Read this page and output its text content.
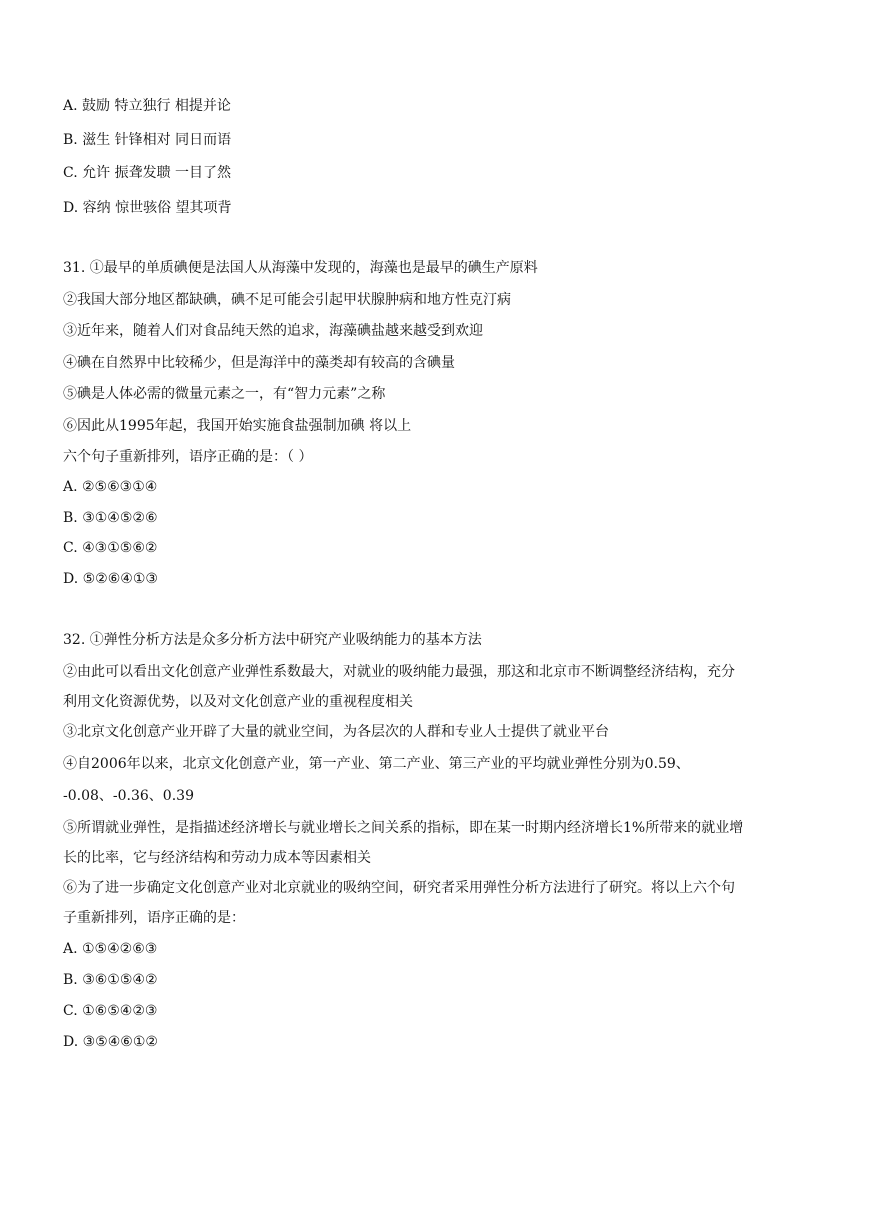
A. 鼓励 特立独行 相提并论
B. 滋生 针锋相对 同日而语
C. 允许 振聋发聩 一目了然
D. 容纳 惊世骇俗 望其项背
31. ①最早的单质碘便是法国人从海藻中发现的，海藻也是最早的碘生产原料
②我国大部分地区都缺碘，碘不足可能会引起甲状腺肿病和地方性克汀病
③近年来，随着人们对食品纯天然的追求，海藻碘盐越来越受到欢迎
④碘在自然界中比较稀少，但是海洋中的藻类却有较高的含碘量
⑤碘是人体必需的微量元素之一，有“智力元素”之称
⑥因此从1995年起，我国开始实施食盐强制加碘 将以上
六个句子重新排列，语序正确的是：（ ）
A. ②⑤⑥③①④
B. ③①④⑤②⑥
C. ④③①⑤⑥②
D. ⑤②⑥④①③
32. ①弹性分析方法是众多分析方法中研究产业吸纳能力的基本方法
②由此可以看出文化创意产业弹性系数最大，对就业的吸纳能力最强，那这和北京市不断调整经济结构，充分
利用文化资源优势，以及对文化创意产业的重视程度相关
③北京文化创意产业开辟了大量的就业空间，为各层次的人群和专业人士提供了就业平台
④自2006年以来，北京文化创意产业，第一产业、第二产业、第三产业的平均就业弹性分别为0.59、
-0.08、-0.36、0.39
⑤所谓就业弹性，是指描述经济增长与就业增长之间关系的指标，即在某一时期内经济增长1%所带来的就业增
长的比率，它与经济结构和劳动力成本等因素相关
⑥为了进一步确定文化创意产业对北京就业的吸纳空间，研究者采用弹性分析方法进行了研究。将以上六个句
子重新排列，语序正确的是：
A. ①⑤④②⑥③
B. ③⑥①⑤④②
C. ①⑥⑤④②③
D. ③⑤④⑥①②
